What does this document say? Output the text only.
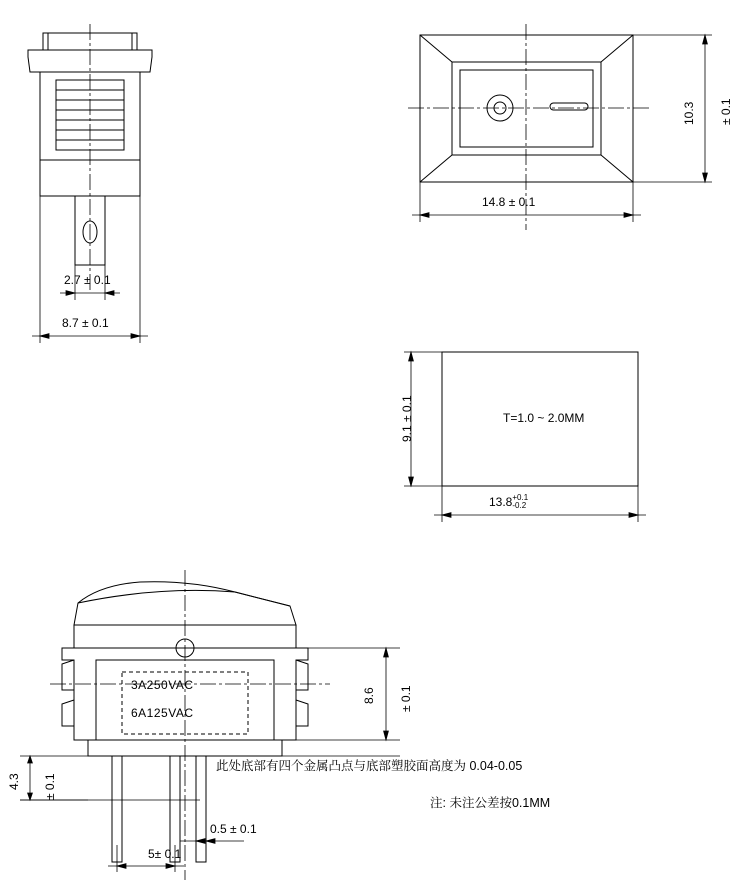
2.7 ± 0.1
8.7 ± 0.1
10.3 ± 0.1
14.8 ± 0.1
9.1 ± 0.1	T=1.0 ~ 2.0MM
13.8 +0.1
-0.2
3A250VAC
6A125VAC
8.6 ± 0.1
4.3 ± 0.1
0.5 ± 0.1
5± 0.1
此处底部有四个金属凸点与底部塑胶面高度为 0.04-0.05
注: 未注公差按0.1MM
